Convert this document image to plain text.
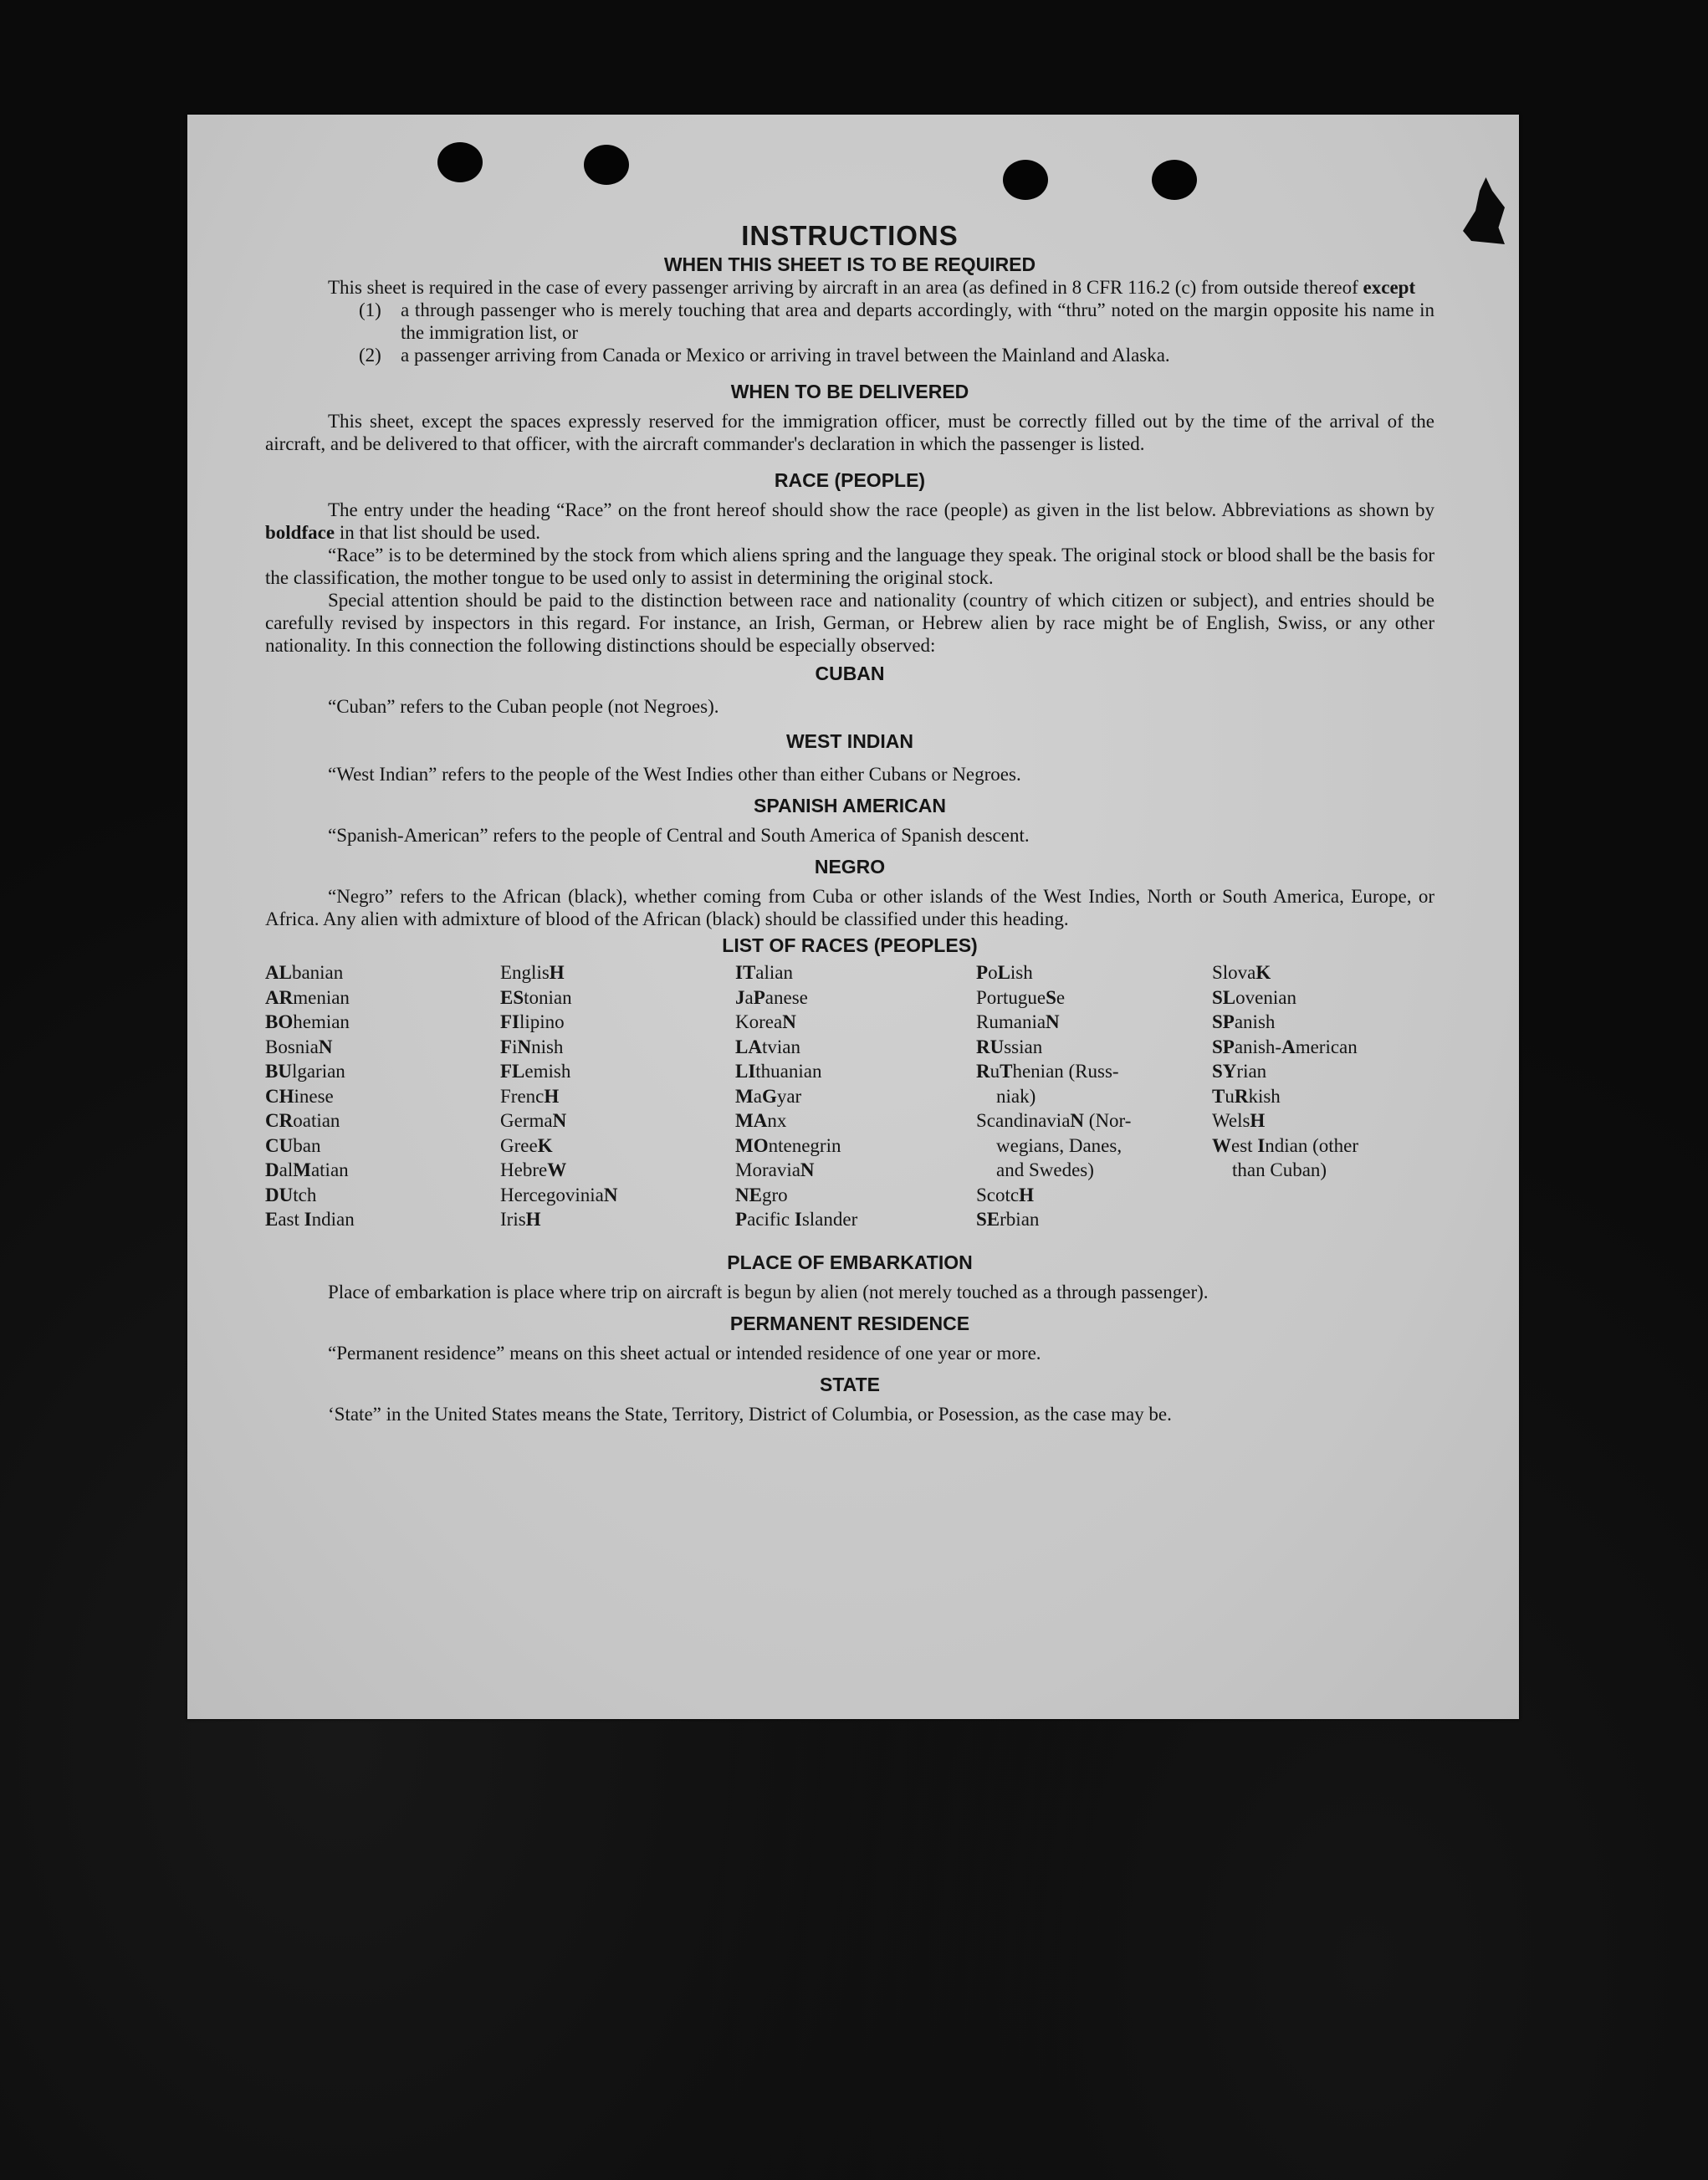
INSTRUCTIONS
WHEN THIS SHEET IS TO BE REQUIRED

This sheet is required in the case of every passenger arriving by aircraft in an area (as defined in 8 CFR 116.2 (c) from outside thereof except

(1)	a through passenger who is merely touching that area and departs accordingly, with “thru” noted on the margin opposite his name in the immigration list, or
(2)	a passenger arriving from Canada or Mexico or arriving in travel between the Mainland and Alaska.
WHEN TO BE DELIVERED

This sheet, except the spaces expressly reserved for the immigration officer, must be correctly filled out by the time of the arrival of the aircraft, and be delivered to that officer, with the aircraft commander's declaration in which the passenger is listed.

RACE (PEOPLE)

The entry under the heading “Race” on the front hereof should show the race (people) as given in the list below. Abbreviations as shown by boldface in that list should be used.

“Race” is to be determined by the stock from which aliens spring and the language they speak. The original stock or blood shall be the basis for the classification, the mother tongue to be used only to assist in determining the original stock.

Special attention should be paid to the distinction between race and nationality (country of which citizen or subject), and entries should be carefully revised by inspectors in this regard. For instance, an Irish, German, or Hebrew alien by race might be of English, Swiss, or any other nationality. In this connection the following distinctions should be especially observed:

CUBAN

“Cuban” refers to the Cuban people (not Negroes).

WEST INDIAN

“West Indian” refers to the people of the West Indies other than either Cubans or Negroes.

SPANISH AMERICAN

“Spanish-American” refers to the people of Central and South America of Spanish descent.

NEGRO

“Negro” refers to the African (black), whether coming from Cuba or other islands of the West Indies, North or South America, Europe, or Africa. Any alien with admixture of blood of the African (black) should be classified under this heading.

LIST OF RACES (PEOPLES)
ALbanian
ARmenian
BOhemian
BosniaN
BUlgarian
CHinese
CRoatian
CUban
DalMatian
DUtch
East Indian
EnglisH
EStonian
FIlipino
FiNnish
FLemish
FrencH
GermaN
GreeK
HebreW
HercegoviniaN
IrisH
ITalian
JaPanese
KoreaN
LAtvian
LIthuanian
MaGyar
MAnx
MOntenegrin
MoraviaN
NEgro
Pacific Islander
PoLish
PortugueSe
RumaniaN
RUssian
RuThenian (Russ-
niak)
ScandinaviaN (Nor-
wegians, Danes,
and Swedes)
ScotcH
SErbian
SlovaK
SLovenian
SPanish
SPanish-American
SYrian
TuRkish
WelsH
West Indian (other
than Cuban)
PLACE OF EMBARKATION

Place of embarkation is place where trip on aircraft is begun by alien (not merely touched as a through passenger).

PERMANENT RESIDENCE

“Permanent residence” means on this sheet actual or intended residence of one year or more.

STATE

‘State” in the United States means the State, Territory, District of Columbia, or Posession, as the case may be.
